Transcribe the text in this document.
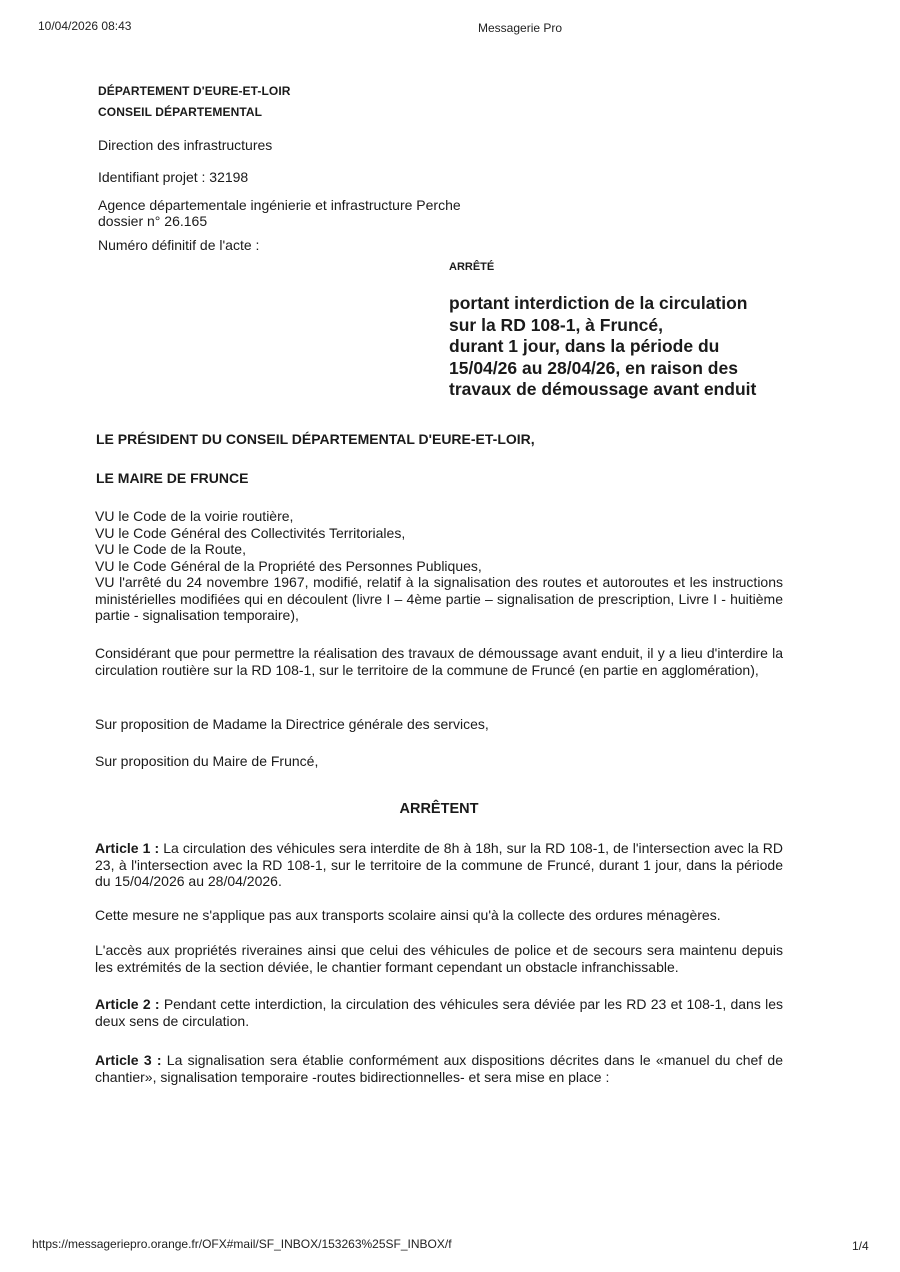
10/04/2026 08:43	Messagerie Pro
DÉPARTEMENT D'EURE-ET-LOIR
CONSEIL DÉPARTEMENTAL
Direction des infrastructures
Identifiant projet : 32198
Agence départementale ingénierie et infrastructure Perche
dossier n° 26.165
Numéro définitif de l'acte :
ARRÊTÉ
portant interdiction de la circulation
sur la RD 108-1, à Fruncé,
durant 1 jour, dans la période du
15/04/26 au 28/04/26, en raison des
travaux de démoussage avant enduit
LE PRÉSIDENT DU CONSEIL DÉPARTEMENTAL D'EURE-ET-LOIR,
LE MAIRE DE FRUNCE
VU le Code de la voirie routière,
VU le Code Général des Collectivités Territoriales,
VU le Code de la Route,
VU le Code Général de la Propriété des Personnes Publiques,
VU l'arrêté du 24 novembre 1967, modifié, relatif à la signalisation des routes et autoroutes et les instructions ministérielles modifiées qui en découlent (livre I – 4ème partie – signalisation de prescription, Livre I - huitième partie - signalisation temporaire),
Considérant que pour permettre la réalisation des travaux de démoussage avant enduit, il y a lieu d'interdire la circulation routière sur la RD 108-1, sur le territoire de la commune de Fruncé (en partie en agglomération),
Sur proposition de Madame la Directrice générale des services,
Sur proposition du Maire de Fruncé,
ARRÊTENT
Article 1 : La circulation des véhicules sera interdite de 8h à 18h, sur la RD 108-1, de l'intersection avec la RD 23, à l'intersection avec la RD 108-1, sur le territoire de la commune de Fruncé, durant 1 jour, dans la période du 15/04/2026 au 28/04/2026.
Cette mesure ne s'applique pas aux transports scolaire ainsi qu'à la collecte des ordures ménagères.
L'accès aux propriétés riveraines ainsi que celui des véhicules de police et de secours sera maintenu depuis les extrémités de la section déviée, le chantier formant cependant un obstacle infranchissable.
Article 2 : Pendant cette interdiction, la circulation des véhicules sera déviée par les RD 23 et 108-1, dans les deux sens de circulation.
Article 3 : La signalisation sera établie conformément aux dispositions décrites dans le «manuel du chef de chantier», signalisation temporaire -routes bidirectionnelles- et sera mise en place :
https://messageriepro.orange.fr/OFX#mail/SF_INBOX/153263%25SF_INBOX/f	1/4
